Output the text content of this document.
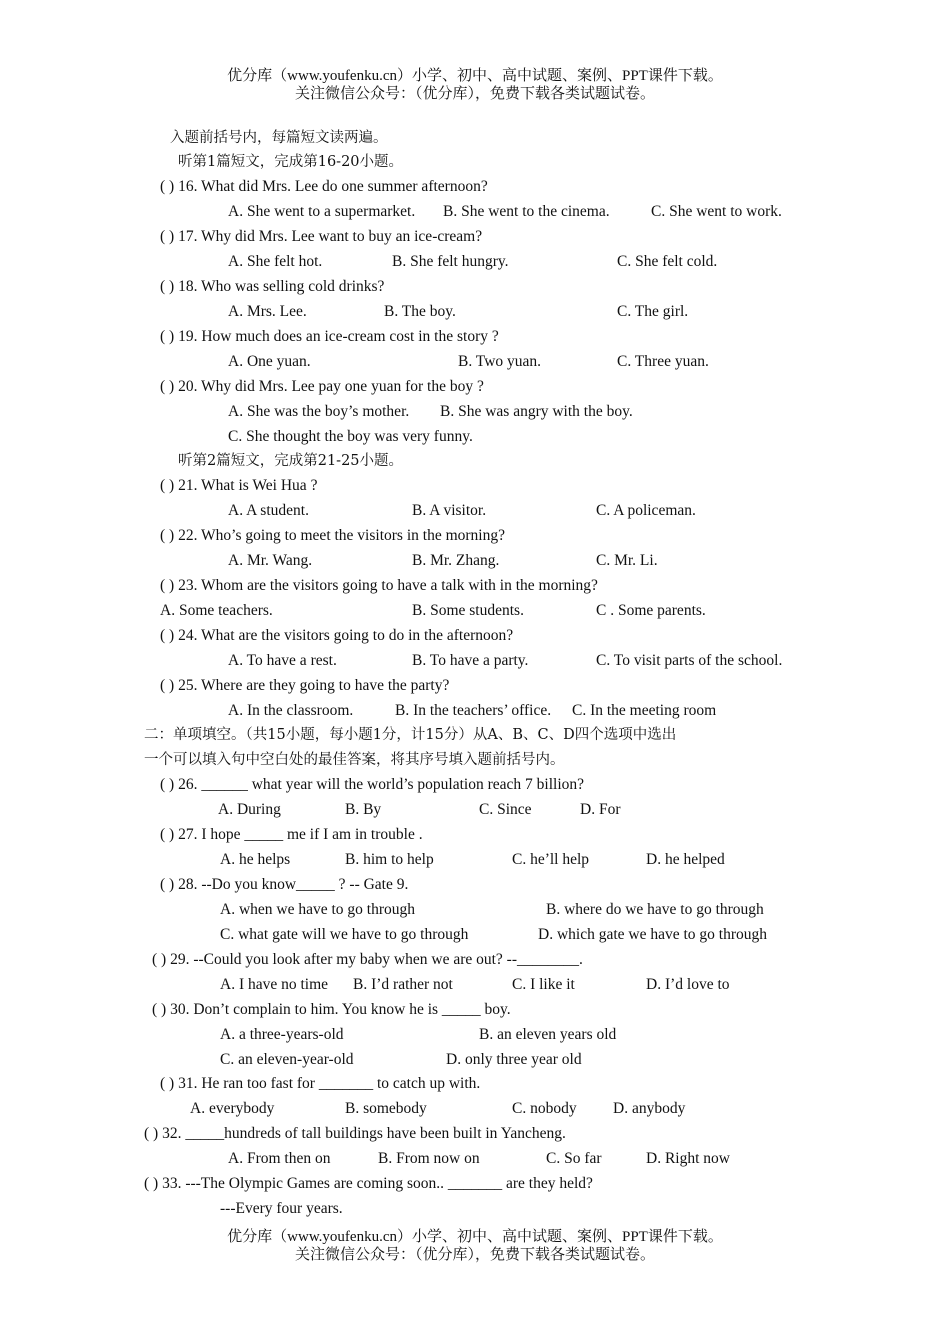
优分库（www.youfenku.cn）小学、初中、高中试题、案例、PPT课件下载。
关注微信公众号：（优分库），免费下载各类试题试卷。
入题前括号内，每篇短文读两遍。
听第1篇短文，完成第16-20小题。
( ) 16. What did Mrs. Lee do one summer afternoon?
A. She went to a supermarket. B. She went to the cinema.	C. She went to work.
( ) 17. Why did Mrs. Lee want to buy an ice-cream?
A. She felt hot.	B. She felt hungry.	C. She felt cold.
( ) 18. Who was selling cold drinks?
A. Mrs. Lee.	B. The boy.	C. The girl.
( ) 19. How much does an ice-cream cost in the story ?
A. One yuan.	B. Two yuan.	C. Three yuan.
( ) 20. Why did Mrs. Lee pay one yuan for the boy ?
A. She was the boy’s mother. B. She was angry with the boy.
C. She thought the boy was very funny.
听第2篇短文，完成第21-25小题。
( ) 21. What is Wei Hua ?
A. A student.	B. A visitor.	C. A policeman.
( ) 22. Who’s going to meet the visitors in the morning?
A. Mr. Wang.	B. Mr. Zhang.	C. Mr. Li.
( ) 23. Whom are the visitors going to have a talk with in the morning?
A. Some teachers.	B. Some students.	C . Some parents.
( ) 24. What are the visitors going to do in the afternoon?
A. To have a rest.	B. To have a party.	C. To visit parts of the school.
( ) 25. Where are they going to have the party?
A. In the classroom.	B. In the teachers’ office. C. In the meeting room
二：单项填空。（共15小题，每小题1分，计15分）从A、B、C、D四个选项中选出
一个可以填入句中空白处的最佳答案，将其序号填入题前括号内。
( ) 26. ______ what year will the world’s population reach 7 billion?
A. During	B. By	C. Since	D. For
( ) 27. I hope _____ me if I am in trouble .
A. he helps	B. him to help	C. he’ll help	D. he helped
( ) 28. --Do you know_____ ? -- Gate 9.
A. when we have to go through	B. where do we have to go through
C. what gate will we have to go through	D. which gate we have to go through
( ) 29. --Could you look after my baby when we are out? --________.
A. I have no time B. I’d rather not	C. I like it	D. I’d love to
( ) 30. Don’t complain to him. You know he is _____ boy.
A. a three-years-old	B. an eleven years old
C. an eleven-year-old	D. only three year old
( ) 31. He ran too fast for _______ to catch up with.
A. everybody	B. somebody	C. nobody D. anybody
( ) 32. _____hundreds of tall buildings have been built in Yancheng.
A. From then on	B. From now on	C. So far	D. Right now
( ) 33. ---The Olympic Games are coming soon.. _______ are they held?
---Every four years.
优分库（www.youfenku.cn）小学、初中、高中试题、案例、PPT课件下载。
关注微信公众号：（优分库），免费下载各类试题试卷。
